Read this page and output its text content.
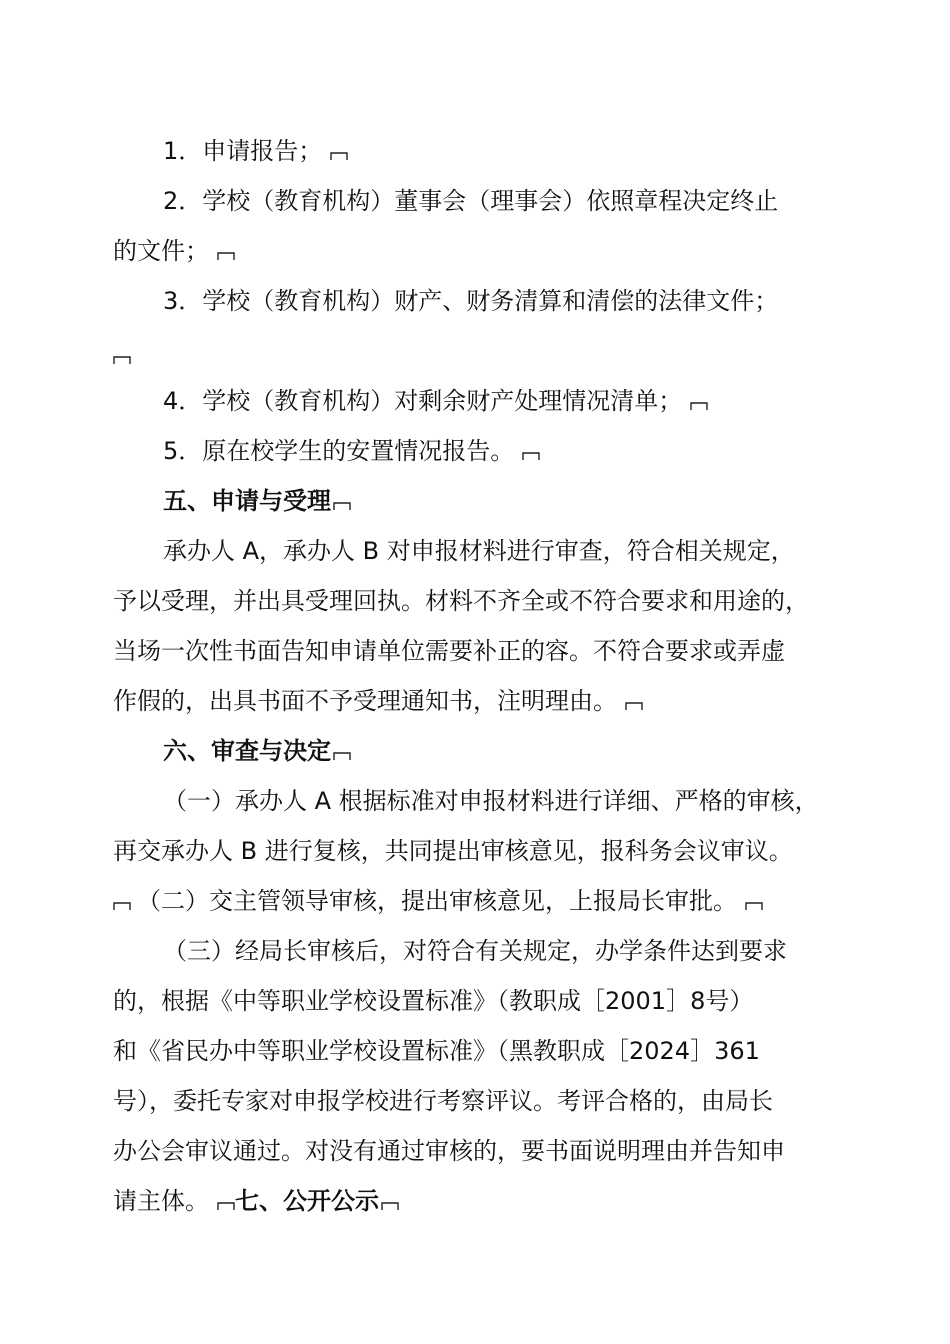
1．申请报告；
2．学校（教育机构）董事会（理事会）依照章程决定终止
的文件；
3．学校（教育机构）财产、财务清算和清偿的法律文件；
4．学校（教育机构）对剩余财产处理情况清单；
5．原在校学生的安置情况报告。
五、申请与受理
承办人 A，承办人 B 对申报材料进行审查，符合相关规定，
予以受理，并出具受理回执。材料不齐全或不符合要求和用途的，
当场一次性书面告知申请单位需要补正的容。不符合要求或弄虚
作假的，出具书面不予受理通知书，注明理由。
六、审查与决定
（一）承办人 A 根据标准对申报材料进行详细、严格的审核，
再交承办人 B 进行复核，共同提出审核意见，报科务会议审议。
（二）交主管领导审核，提出审核意见，上报局长审批。
（三）经局长审核后，对符合有关规定，办学条件达到要求
的，根据《中等职业学校设置标准》（教职成［2001］8号）
和《省民办中等职业学校设置标准》（黑教职成［2024］361
号），委托专家对申报学校进行考察评议。考评合格的，由局长
办公会审议通过。对没有通过审核的，要书面说明理由并告知申
请主体。 七、公开公示
